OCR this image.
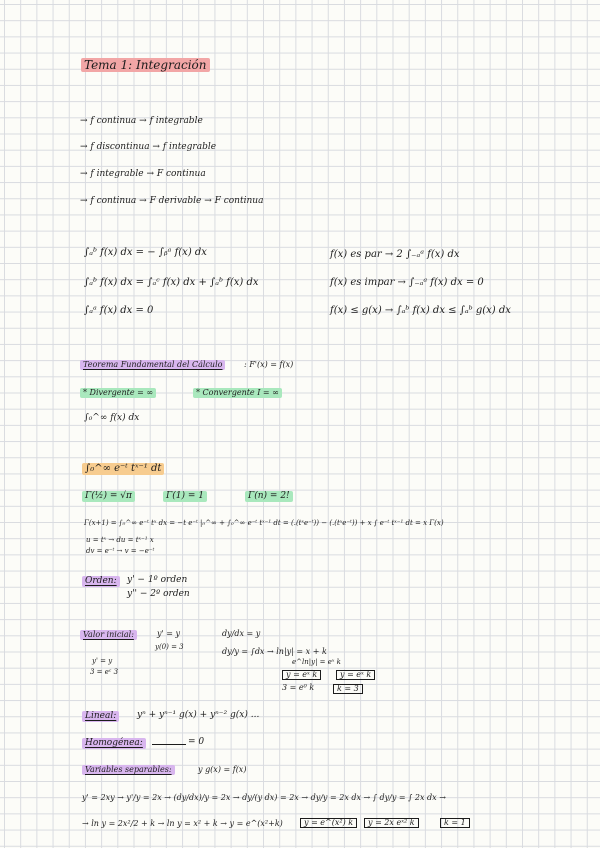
Tema 1: Integración
→ f continua → f integrable
→ f discontinua → f integrable
→ f integrable → F continua
→ f continua → F derivable → F continua
∫ₐᵇ f(x) dx = − ∫ᵦᵃ f(x) dx
∫ₐᵇ f(x) dx = ∫ₐᶜ f(x) dx + ∫ₐᵇ f(x) dx
∫ₐᵃ f(x) dx = 0
f(x) es par → 2 ∫₋ₐᵃ f(x) dx
f(x) es impar → ∫₋ₐᵃ f(x) dx = 0
f(x) ≤ g(x) → ∫ₐᵇ f(x) dx ≤ ∫ₐᵇ g(x) dx
Teorema Fundamental del Cálculo	: F'(x) = f(x)
* Divergente = ∞	* Convergente I = ∞
∫₀^∞ f(x) dx
∫₀^∞ e⁻ᵗ tˣ⁻¹ dt
Γ(½) = √π	Γ(1) = 1	Γ(n) = 2!
Γ(x+1) = ∫₀^∞ e⁻ᵗ tˣ dx = −t e⁻ᵗ |₀^∞ + ∫₀^∞ e⁻ᵗ tˣ⁻¹ dt = (.(tˣe⁻ᵗ)) − (.(tˣe⁻ᵗ)) + x ∫ e⁻ᵗ tˣ⁻¹ dt = x Γ(x)
u = tˣ → du = tˣ⁻¹ x
dv = e⁻ᵗ → v = −e⁻ᵗ
Orden:	y' − 1º orden
y'' − 2º orden
Valor inicial:	y' = y
y(0) = 3
y' = y
3 = eᶜ 3
dy/dx = y
dy/y = ∫dx → ln|y| = x + k
e^ln|y| = eˣ k
3 = e⁰ k
y = eˣ k	y = eˣ k
k = 3
Lineal:	yⁿ + yⁿ⁻¹ g(x) + yⁿ⁻² g(x) ...
Homogénea:	= 0
Variables separables:	y g(x) = f(x)
y' = 2xy → y'/y = 2x → (dy/dx)/y = 2x → dy/(y dx) = 2x → dy/y = 2x dx → ∫ dy/y = ∫ 2x dx →
→ ln y = 2x²/2 + k → ln y = x² + k → y = e^(x²+k)	y = e^(x²) k	y = 2x eˣ² k	k = 1
